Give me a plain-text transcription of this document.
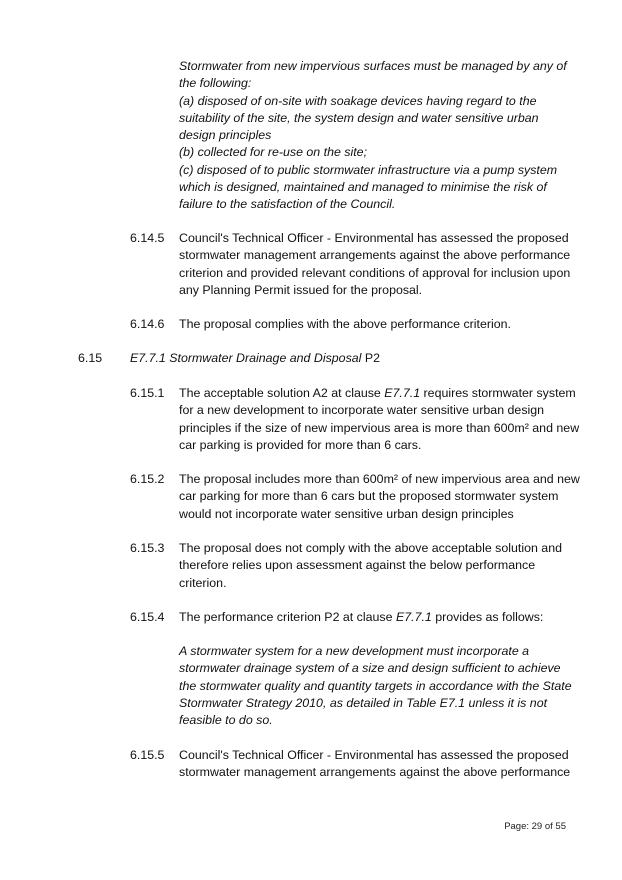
Stormwater from new impervious surfaces must be managed by any of
the following:
(a) disposed of on-site with soakage devices having regard to the
suitability of the site, the system design and water sensitive urban
design principles
(b) collected for re-use on the site;
(c) disposed of to public stormwater infrastructure via a pump system
which is designed, maintained and managed to minimise the risk of
failure to the satisfaction of the Council.
6.14.5 Council's Technical Officer - Environmental has assessed the proposed
stormwater management arrangements against the above performance
criterion and provided relevant conditions of approval for inclusion upon
any Planning Permit issued for the proposal.
6.14.6 The proposal complies with the above performance criterion.
6.15 E7.7.1 Stormwater Drainage and Disposal P2
6.15.1 The acceptable solution A2 at clause E7.7.1 requires stormwater system
for a new development to incorporate water sensitive urban design
principles if the size of new impervious area is more than 600m² and new
car parking is provided for more than 6 cars.
6.15.2 The proposal includes more than 600m² of new impervious area and new
car parking for more than 6 cars but the proposed stormwater system
would not incorporate water sensitive urban design principles
6.15.3 The proposal does not comply with the above acceptable solution and
therefore relies upon assessment against the below performance
criterion.
6.15.4 The performance criterion P2 at clause E7.7.1 provides as follows:
A stormwater system for a new development must incorporate a
stormwater drainage system of a size and design sufficient to achieve
the stormwater quality and quantity targets in accordance with the State
Stormwater Strategy 2010, as detailed in Table E7.1 unless it is not
feasible to do so.
6.15.5 Council's Technical Officer - Environmental has assessed the proposed
stormwater management arrangements against the above performance
Page: 29 of 55
